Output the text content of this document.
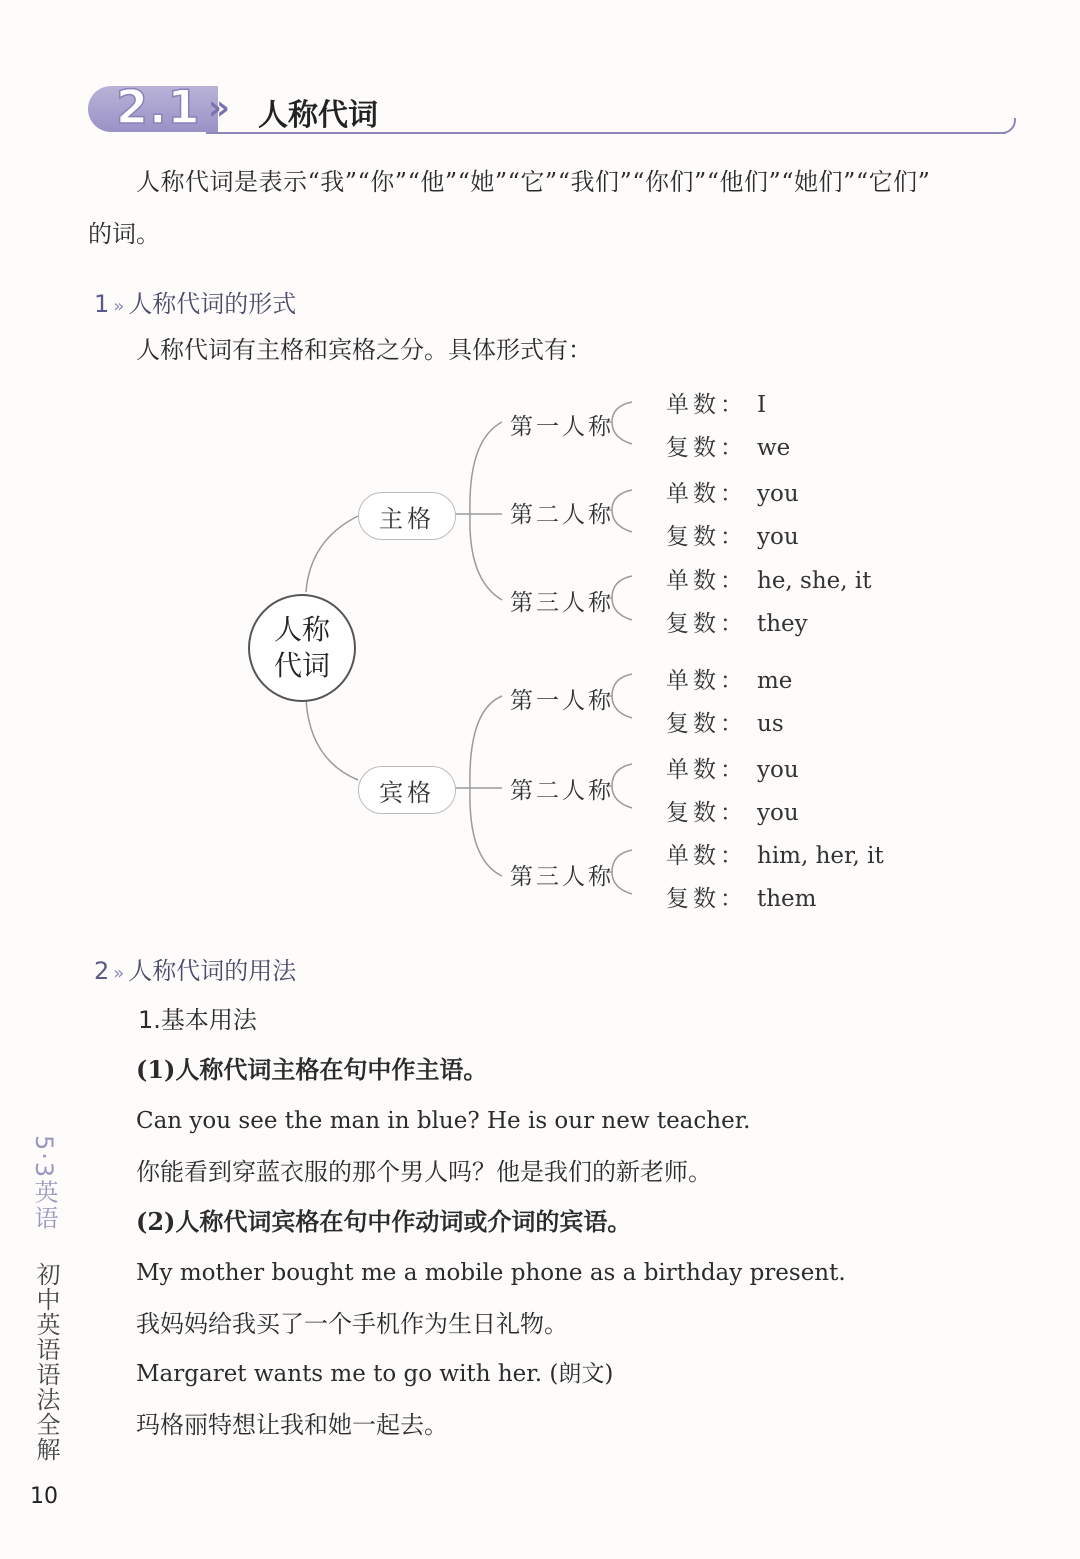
2.1 » 人称代词
人称代词是表示“我”“你”“他”“她”“它”“我们”“你们”“他们”“她们”“它们”
的词。
1 » 人称代词的形式
人称代词有主格和宾格之分。具体形式有：
人称
代词
主格
宾格
第一人称
单数： I
复数： we
第二人称
单数： you
复数： you
第三人称
单数： he, she, it
复数： they
第一人称
单数： me
复数： us
第二人称
单数： you
复数： you
第三人称
单数： him, her, it
复数： them
2 » 人称代词的用法
1.基本用法
(1)人称代词主格在句中作主语。
Can you see the man in blue? He is our new teacher.
你能看到穿蓝衣服的那个男人吗？他是我们的新老师。
(2)人称代词宾格在句中作动词或介词的宾语。
My mother bought me a mobile phone as a birthday present.
我妈妈给我买了一个手机作为生日礼物。
Margaret wants me to go with her. (朗文)
玛格丽特想让我和她一起去。
5·3英语
初中英语语法全解
10
